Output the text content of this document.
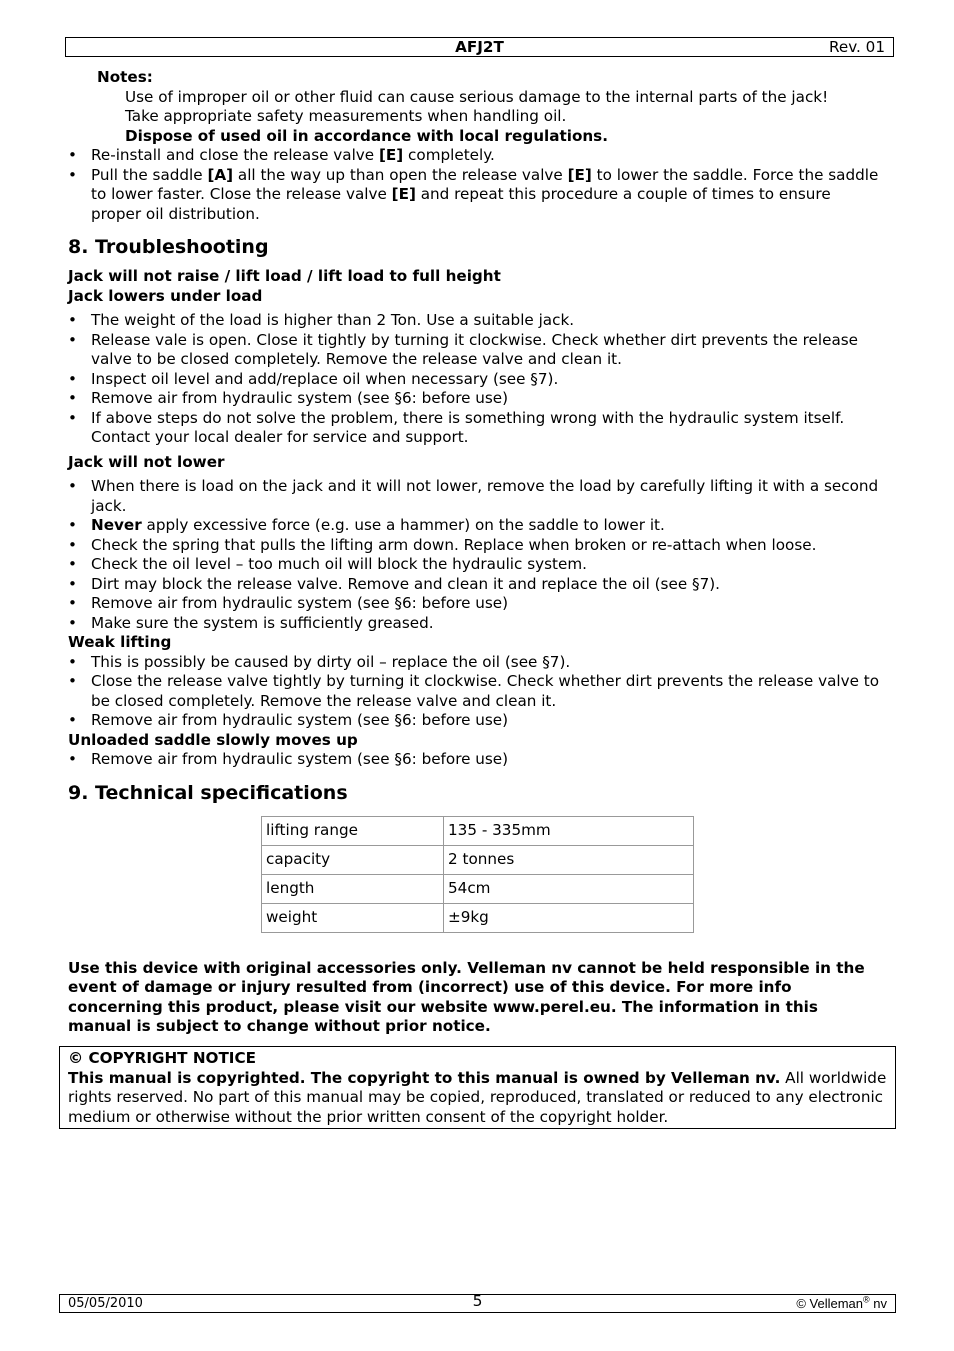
AFJ2T	Rev. 01
Notes:
Use of improper oil or other fluid can cause serious damage to the internal parts of the jack!
Take appropriate safety measurements when handling oil.
Dispose of used oil in accordance with local regulations.
• Re-install and close the release valve [E] completely.
• Pull the saddle [A] all the way up than open the release valve [E] to lower the saddle. Force the saddle to lower faster. Close the release valve [E] and repeat this procedure a couple of times to ensure proper oil distribution.
8. Troubleshooting
Jack will not raise / lift load / lift load to full height
Jack lowers under load
• The weight of the load is higher than 2 Ton. Use a suitable jack.
• Release vale is open. Close it tightly by turning it clockwise. Check whether dirt prevents the release valve to be closed completely. Remove the release valve and clean it.
• Inspect oil level and add/replace oil when necessary (see §7).
• Remove air from hydraulic system (see §6: before use)
• If above steps do not solve the problem, there is something wrong with the hydraulic system itself. Contact your local dealer for service and support.
Jack will not lower
• When there is load on the jack and it will not lower, remove the load by carefully lifting it with a second jack.
• Never apply excessive force (e.g. use a hammer) on the saddle to lower it.
• Check the spring that pulls the lifting arm down. Replace when broken or re-attach when loose.
• Check the oil level – too much oil will block the hydraulic system.
• Dirt may block the release valve. Remove and clean it and replace the oil (see §7).
• Remove air from hydraulic system (see §6: before use)
• Make sure the system is sufficiently greased.
Weak lifting
• This is possibly be caused by dirty oil – replace the oil (see §7).
• Close the release valve tightly by turning it clockwise. Check whether dirt prevents the release valve to be closed completely. Remove the release valve and clean it.
• Remove air from hydraulic system (see §6: before use)
Unloaded saddle slowly moves up
• Remove air from hydraulic system (see §6: before use)
9. Technical specifications
lifting range	135 - 335mm
capacity	2 tonnes
length	54cm
weight	±9kg
Use this device with original accessories only. Velleman nv cannot be held responsible in the event of damage or injury resulted from (incorrect) use of this device. For more info concerning this product, please visit our website www.perel.eu. The information in this manual is subject to change without prior notice.
© COPYRIGHT NOTICE
This manual is copyrighted. The copyright to this manual is owned by Velleman nv. All worldwide rights reserved. No part of this manual may be copied, reproduced, translated or reduced to any electronic medium or otherwise without the prior written consent of the copyright holder.
05/05/2010	5	© Velleman® nv
